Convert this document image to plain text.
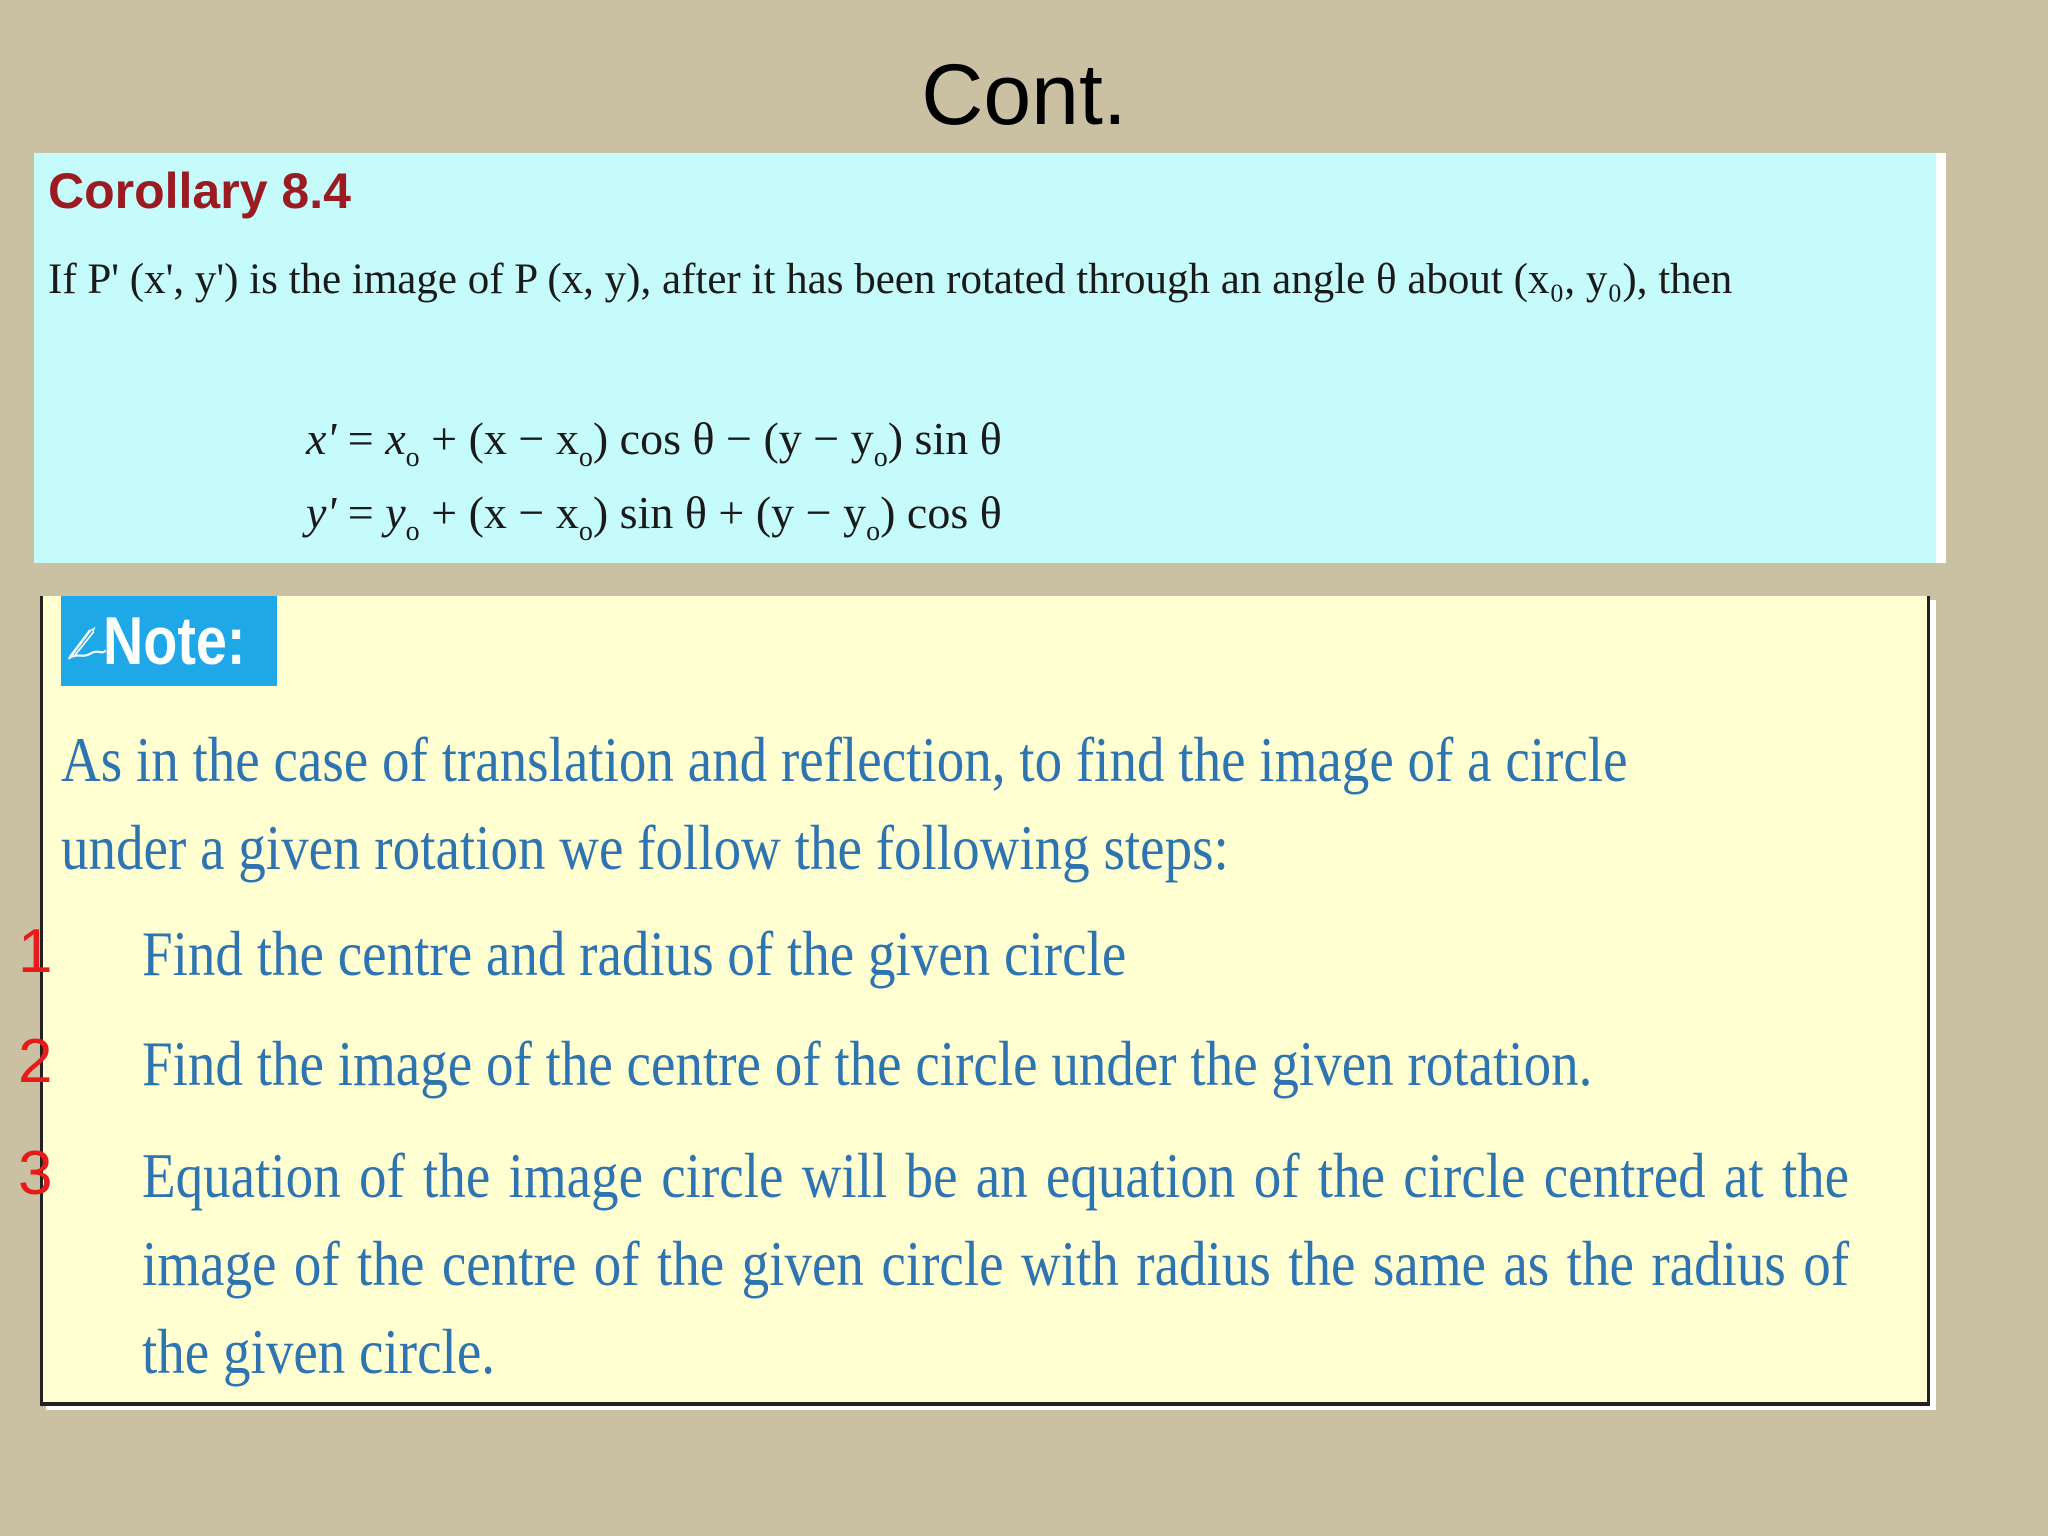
Cont.
Corollary 8.4
If P' (x', y') is the image of P (x, y), after it has been rotated through an angle θ about (x₀, y₀), then
$x' = x_o + (x - x_o)$ $\cos \theta - (y - y_o)$ sin θ
$y' = y_o + (x - x_o)$ $\sin \theta + (y - y_o)$ cos θ
Note:
As in the case of translation and reflection, to find the image of a circle under a given rotation we follow the following steps:
1 Find the centre and radius of the given circle
2 Find the image of the centre of the circle under the given rotation.
3 Equation of the image circle will be an equation of the circle centred at the image of the centre of the given circle with radius the same as the radius of the given circle.
